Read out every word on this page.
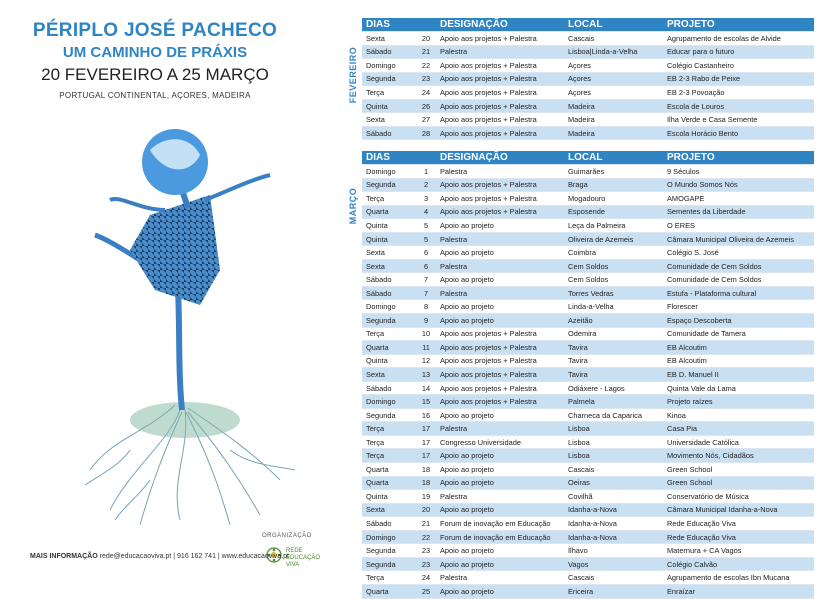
PÉRIPLO JOSÉ PACHECO
UM CAMINHO DE PRÁXIS
20 FEVEREIRO A 25 MARÇO
PORTUGAL CONTINENTAL, AÇORES, MADEIRA
ORGANIZAÇÃO
REDE
EDUCAÇÃO
VIVA
MAIS INFORMAÇÃO rede@educacaoviva.pt | 916 162 741 | www.educacaoviva.pt
FEVEREIRO
DIAS		DESIGNAÇÃO	LOCAL	PROJETO
Sexta	20	Apoio aos projetos + Palestra	Cascais	Agrupamento de escolas de Alvide
Sábado	21	Palestra	Lisboa|Linda-a-Velha	Educar para o futuro
Domingo	22	Apoio aos projetos + Palestra	Açores	Colégio Castanheiro
Segunda	23	Apoio aos projetos + Palestra	Açores	EB 2-3 Rabo de Peixe
Terça	24	Apoio aos projetos + Palestra	Açores	EB 2-3 Povoação
Quinta	26	Apoio aos projetos + Palestra	Madeira	Escola de Louros
Sexta	27	Apoio aos projetos + Palestra	Madeira	Ilha Verde e Casa Semente
Sábado	28	Apoio aos projetos + Palestra	Madeira	Escola Horácio Bento
MARÇO
DIAS		DESIGNAÇÃO	LOCAL	PROJETO
Domingo	1	Palestra	Guimarães	9 Séculos
Segunda	2	Apoio aos projetos + Palestra	Braga	O Mundo Somos Nós
Terça	3	Apoio aos projetos + Palestra	Mogadouro	AMOGAPE
Quarta	4	Apoio aos projetos + Palestra	Esposende	Sementes da Liberdade
Quinta	5	Apoio ao projeto	Leça da Palmeira	O ERES
Quinta	5	Palestra	Oliveira de Azemeis	Câmara Municipal Oliveira de Azemeis
Sexta	6	Apoio ao projeto	Coimbra	Colégio S. José
Sexta	6	Palestra	Cem Soldos	Comunidade de Cem Soldos
Sábado	7	Apoio ao projeto	Cem Soldos	Comunidade de Cem Soldos
Sábado	7	Palestra	Torres Vedras	Estufa - Plataforma cultural
Domingo	8	Apoio ao projeto	Linda-a-Velha	Florescer
Segunda	9	Apoio ao projeto	Azeitão	Espaço Descoberta
Terça	10	Apoio aos projetos + Palestra	Odemira	Comunidade de Tamera
Quarta	11	Apoio aos projetos + Palestra	Tavira	EB Alcoutim
Quinta	12	Apoio aos projetos + Palestra	Tavira	EB Alcoutim
Sexta	13	Apoio aos projetos + Palestra	Tavira	EB D. Manuel II
Sábado	14	Apoio aos projetos + Palestra	Odiáxere - Lagos	Quinta Vale da Lama
Domingo	15	Apoio aos projetos + Palestra	Palmela	Projeto raízes
Segunda	16	Apoio ao projeto	Charneca da Caparica	Kinoa
Terça	17	Palestra	Lisboa	Casa Pia
Terça	17	Congresso Universidade	Lisboa	Universidade Católica
Terça	17	Apoio ao projeto	Lisboa	Movimento Nós, Cidadãos
Quarta	18	Apoio ao projeto	Cascais	Green School
Quarta	18	Apoio ao projeto	Oeiras	Green School
Quinta	19	Palestra	Covilhã	Conservatório de Música
Sexta	20	Apoio ao projeto	Idanha-a-Nova	Câmara Municipal Idanha-a-Nova
Sábado	21	Forum de inovação em Educação	Idanha-a-Nova	Rede Educação Viva
Domingo	22	Forum de inovação em Educação	Idanha-a-Nova	Rede Educação Viva
Segunda	23	Apoio ao projeto	Ílhavo	Maternura + CA Vagos
Segunda	23	Apoio ao projeto	Vagos	Colégio Calvão
Terça	24	Palestra	Cascais	Agrupamento de escolas Ibn Mucana
Quarta	25	Apoio ao projeto	Ericeira	Enraízar
